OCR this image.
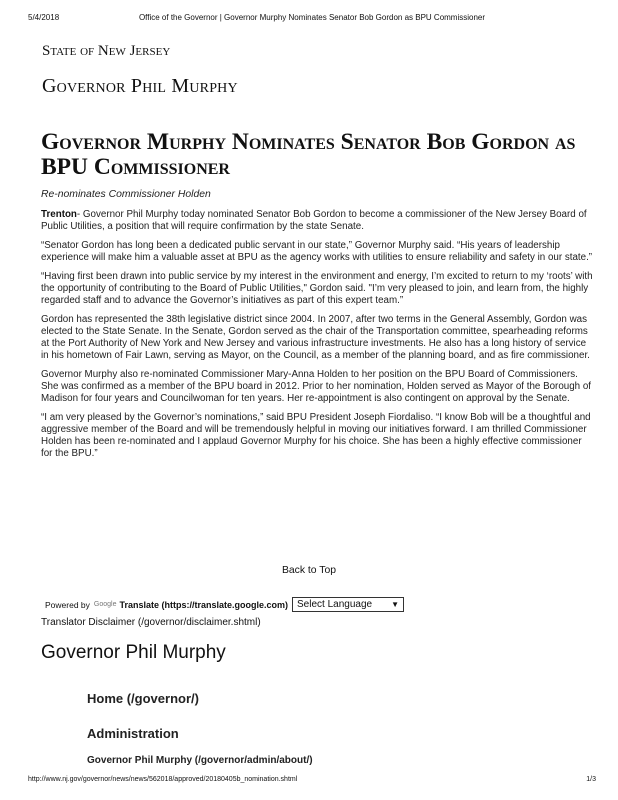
5/4/2018	Office of the Governor | Governor Murphy Nominates Senator Bob Gordon as BPU Commissioner
State of New Jersey
Governor Phil Murphy
Governor Murphy Nominates Senator Bob Gordon as BPU Commissioner
Re-nominates Commissioner Holden

Trenton- Governor Phil Murphy today nominated Senator Bob Gordon to become a commissioner of the New Jersey Board of Public Utilities, a position that will require confirmation by the state Senate.

“Senator Gordon has long been a dedicated public servant in our state,” Governor Murphy said. “His years of leadership experience will make him a valuable asset at BPU as the agency works with utilities to ensure reliability and safety in our state.”

“Having first been drawn into public service by my interest in the environment and energy, I’m excited to return to my ‘roots’ with the opportunity of contributing to the Board of Public Utilities," Gordon said. "I’m very pleased to join, and learn from, the highly regarded staff and to advance the Governor’s initiatives as part of this expert team.”

Gordon has represented the 38th legislative district since 2004. In 2007, after two terms in the General Assembly, Gordon was elected to the State Senate. In the Senate, Gordon served as the chair of the Transportation committee, spearheading reforms at the Port Authority of New York and New Jersey and various infrastructure investments. He also has a long history of service in his hometown of Fair Lawn, serving as Mayor, on the Council, as a member of the planning board, and as fire commissioner.

Governor Murphy also re-nominated Commissioner Mary-Anna Holden to her position on the BPU Board of Commissioners. She was confirmed as a member of the BPU board in 2012. Prior to her nomination, Holden served as Mayor of the Borough of Madison for four years and Councilwoman for ten years. Her re-appointment is also contingent on approval by the Senate.

“I am very pleased by the Governor’s nominations,” said BPU President Joseph Fiordaliso. “I know Bob will be a thoughtful and aggressive member of the Board and will be tremendously helpful in moving our initiatives forward. I am thrilled Commissioner Holden has been re-nominated and I applaud Governor Murphy for his choice. She has been a highly effective commissioner for the BPU.”

Back to Top
Powered by Google Translate (https://translate.google.com) Select Language ▼
Translator Disclaimer (/governor/disclaimer.shtml)
Governor Phil Murphy
Home (/governor/)
Administration
Governor Phil Murphy (/governor/admin/about/)
http://www.nj.gov/governor/news/news/562018/approved/20180405b_nomination.shtml	1/3
